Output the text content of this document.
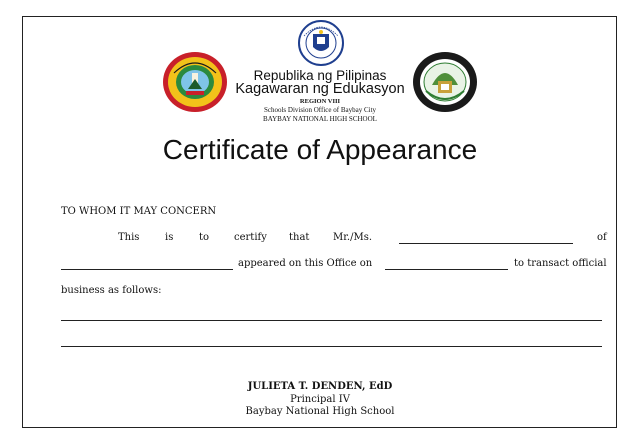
Republika ng Pilipinas
Kagawaran ng Edukasyon
REGION VIII
Schools Division Office of Baybay City
BAYBAY NATIONAL HIGH SCHOOL
Certificate of Appearance
TO WHOM IT MAY CONCERN
This	is	to certify that Mr./Ms.	of
appeared on this Office on	to transact official
business as follows:
JULIETA T. DENDEN, EdD
Principal IV
Baybay National High School
